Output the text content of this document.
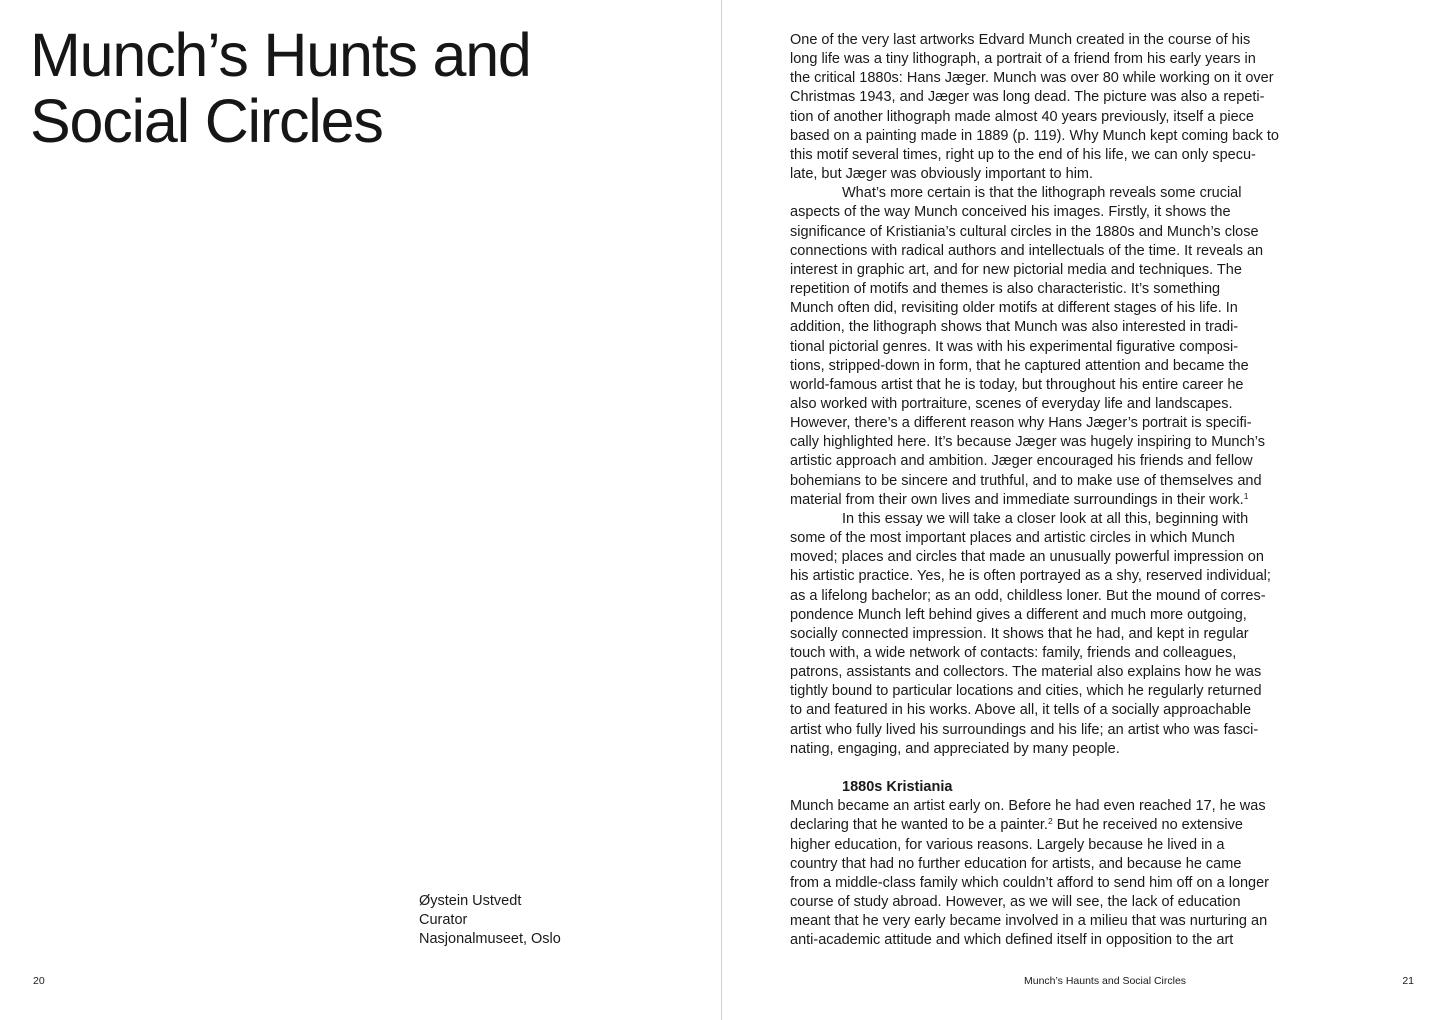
Munch’s Hunts and
Social Circles
Øystein Ustvedt
Curator
Nasjonalmuseet, Oslo
20
One of the very last artworks Edvard Munch created in the course of his
long life was a tiny lithograph, a portrait of a friend from his early years in
the critical 1880s: Hans Jæger. Munch was over 80 while working on it over
Christmas 1943, and Jæger was long dead. The picture was also a repeti-
tion of another lithograph made almost 40 years previously, itself a piece
based on a painting made in 1889 (p. 119). Why Munch kept coming back to
this motif several times, right up to the end of his life, we can only specu-
late, but Jæger was obviously important to him.
What’s more certain is that the lithograph reveals some crucial
aspects of the way Munch conceived his images. Firstly, it shows the
significance of Kristiania’s cultural circles in the 1880s and Munch’s close
connections with radical authors and intellectuals of the time. It reveals an
interest in graphic art, and for new pictorial media and techniques. The
repetition of motifs and themes is also characteristic. It’s something
Munch often did, revisiting older motifs at different stages of his life. In
addition, the lithograph shows that Munch was also interested in tradi-
tional pictorial genres. It was with his experimental figurative composi-
tions, stripped-down in form, that he captured attention and became the
world-famous artist that he is today, but throughout his entire career he
also worked with portraiture, scenes of everyday life and landscapes.
However, there’s a different reason why Hans Jæger’s portrait is specifi-
cally highlighted here. It’s because Jæger was hugely inspiring to Munch’s
artistic approach and ambition. Jæger encouraged his friends and fellow
bohemians to be sincere and truthful, and to make use of themselves and
material from their own lives and immediate surroundings in their work.$^1$
In this essay we will take a closer look at all this, beginning with
some of the most important places and artistic circles in which Munch
moved; places and circles that made an unusually powerful impression on
his artistic practice. Yes, he is often portrayed as a shy, reserved individual;
as a lifelong bachelor; as an odd, childless loner. But the mound of corres-
pondence Munch left behind gives a different and much more outgoing,
socially connected impression. It shows that he had, and kept in regular
touch with, a wide network of contacts: family, friends and colleagues,
patrons, assistants and collectors. The material also explains how he was
tightly bound to particular locations and cities, which he regularly returned
to and featured in his works. Above all, it tells of a socially approachable
artist who fully lived his surroundings and his life; an artist who was fasci-
nating, engaging, and appreciated by many people.
1880s Kristiania
Munch became an artist early on. Before he had even reached 17, he was
declaring that he wanted to be a painter.$^2$ But he received no extensive
higher education, for various reasons. Largely because he lived in a
country that had no further education for artists, and because he came
from a middle-class family which couldn’t afford to send him off on a longer
course of study abroad. However, as we will see, the lack of education
meant that he very early became involved in a milieu that was nurturing an
anti-academic attitude and which defined itself in opposition to the art
Munch’s Haunts and Social Circles	21
